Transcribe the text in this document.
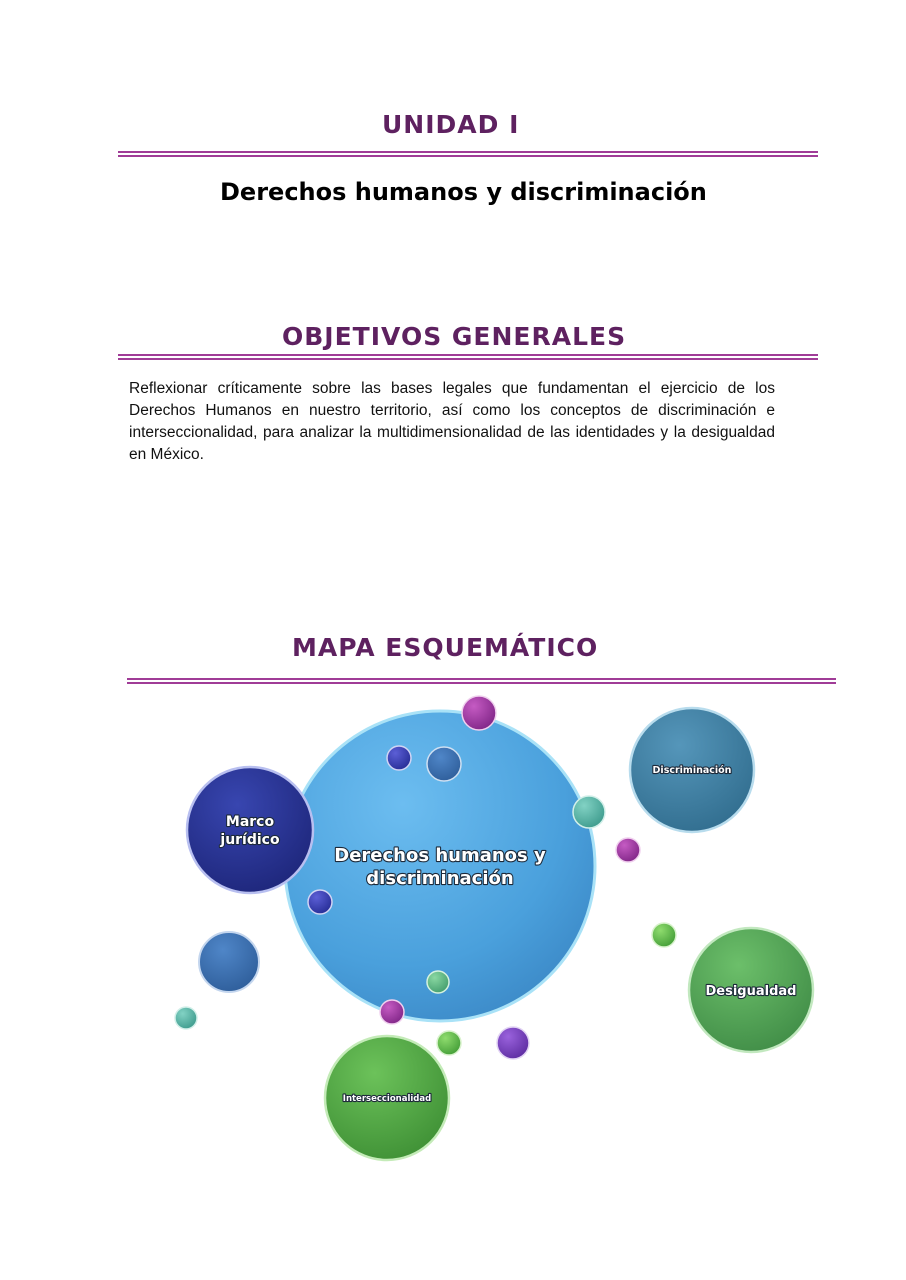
UNIDAD I
Derechos humanos y discriminación
OBJETIVOS GENERALES

Reflexionar críticamente sobre las bases legales que fundamentan el ejercicio de los Derechos Humanos en nuestro territorio, así como los conceptos de discriminación e interseccionalidad, para analizar la multidimensionalidad de las identidades y la desigualdad en México.

MAPA ESQUEMÁTICO
Derechos humanos y
discriminación
Marco
jurídico
Discriminación
Desigualdad
Interseccionalidad
